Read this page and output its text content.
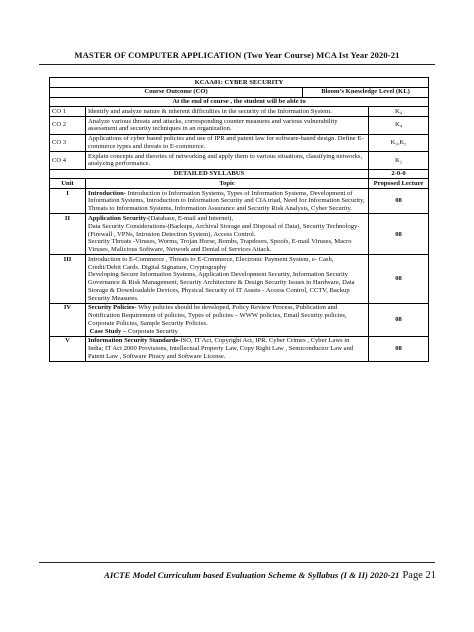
MASTER OF COMPUTER APPLICATION (Two Year Course) MCA Ist Year 2020-21
KCAA01: CYBER SECURITY			
Course Outcome (CO)		Bloom’s Knowledge Level (KL)	
At the end of course , the student will be able to			
CO 1	Identify and analyze nature & inherent difficulties in the security of the Information System.		K₄
CO 2	Analyze various threats and attacks, corresponding counter measures and various vulnerability assessment and security techniques in an organization.		K₄
CO 3	Applications of cyber based policies and use of IPR and patent law for software-based design. Define E-commerce types and threats to E-commerce.		K₃,K₂
CO 4	Explain concepts and theories of networking and apply them to various situations, classifying networks, analyzing performance.		K₂
DETAILED SYLLABUS			2-0-0
Unit	Topic		Proposed Lecture
I	Introduction- Introduction to Information Systems, Types of Information Systems, Development of Information Systems, Introduction to Information Security and CIA triad, Need for Information Security, Threats to Information Systems, Information Assurance and Security Risk Analysis, Cyber Security.		08
II	Application Security-(Database, E-mail and Internet),

Data Security Considerations-(Backups, Archival Storage and Disposal of Data), Security Technology-(Firewall , VPNs, Intrusion Detection System), Access Control.

Security Threats -Viruses, Worms, Trojan Horse, Bombs, Trapdoors, Spoofs, E-mail Viruses, Macro Viruses, Malicious Software, Network and Denial of Services Attack.		08
III	Introduction to E-Commerce , Threats to E-Commerce, Electronic Payment System, e- Cash, Credit/Debit Cards. Digital Signature, Cryptography

Developing Secure Information Systems, Application Development Security, Information Security Governance & Risk Management, Security Architecture & Design Security Issues in Hardware, Data Storage & Downloadable Devices, Physical Security of IT Assets - Access Control, CCTV, Backup Security Measures.		08
IV	Security Policies- Why policies should be developed, Policy Review Process, Publication and Notification Requirement of policies, Types of policies – WWW policies, Email Security policies, Corporate Policies, Sample Security Policies.

Case Study – Corporate Security		08
V	Information Security Standards-ISO, IT Act, Copyright Act, IPR. Cyber Crimes , Cyber Laws in India; IT Act 2000 Provisions, Intellectual Property Law, Copy Right Law , Semiconductor Law and Patent Law , Software Piracy and Software License.		08
AICTE Model Curriculum based Evaluation Scheme & Syllabus (I & II) 2020-21 Page 21
